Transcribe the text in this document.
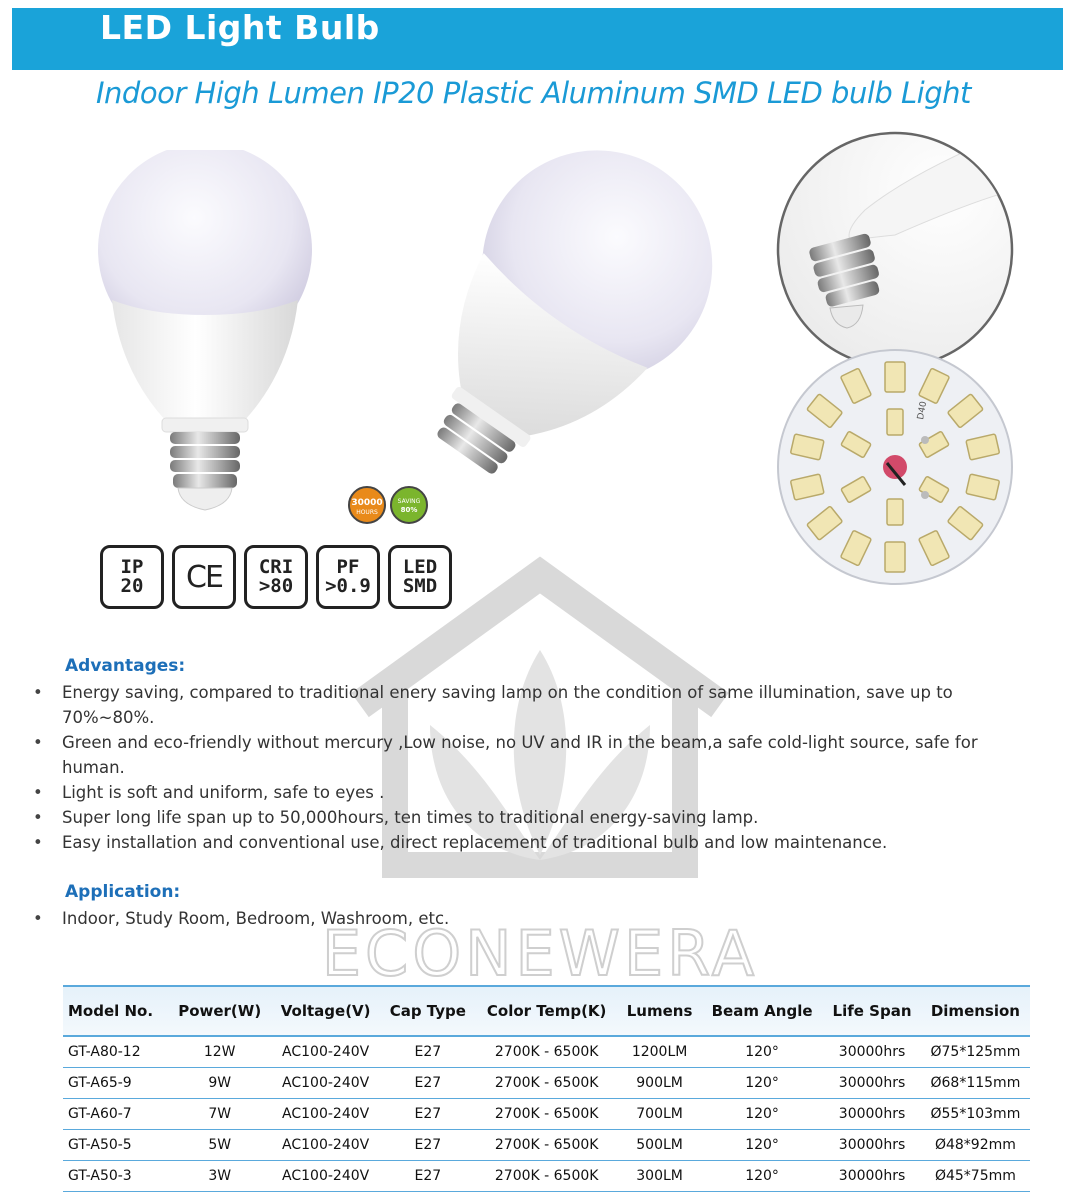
LED Light Bulb
Indoor High Lumen IP20 Plastic Aluminum SMD LED bulb Light
ECONEWERA
30000
HOURS
SAVING
80%
D40
IP
20 CE CRI
>80
PF
>0.9
LED
SMD
Advantages:
• Energy saving, compared to traditional enery saving lamp on the condition of same illumination, save up to 70%~80%.
• Green and eco-friendly without mercury ,Low noise, no UV and IR in the beam,a safe cold-light source, safe for human.
• Light is soft and uniform, safe to eyes .
• Super long life span up to 50,000hours, ten times to traditional energy-saving lamp.
• Easy installation and conventional use, direct replacement of traditional bulb and low maintenance.
Application:
• Indoor, Study Room, Bedroom, Washroom, etc.
Model No.	Power(W)	Voltage(V)	Cap Type	Color Temp(K)	Lumens	Beam Angle	Life Span	Dimension
GT-A80-12	12W	AC100-240V	E27	2700K - 6500K	1200LM	120°	30000hrs	Ø75*125mm
GT-A65-9	9W	AC100-240V	E27	2700K - 6500K	900LM	120°	30000hrs	Ø68*115mm
GT-A60-7	7W	AC100-240V	E27	2700K - 6500K	700LM	120°	30000hrs	Ø55*103mm
GT-A50-5	5W	AC100-240V	E27	2700K - 6500K	500LM	120°	30000hrs	Ø48*92mm
GT-A50-3	3W	AC100-240V	E27	2700K - 6500K	300LM	120°	30000hrs	Ø45*75mm
